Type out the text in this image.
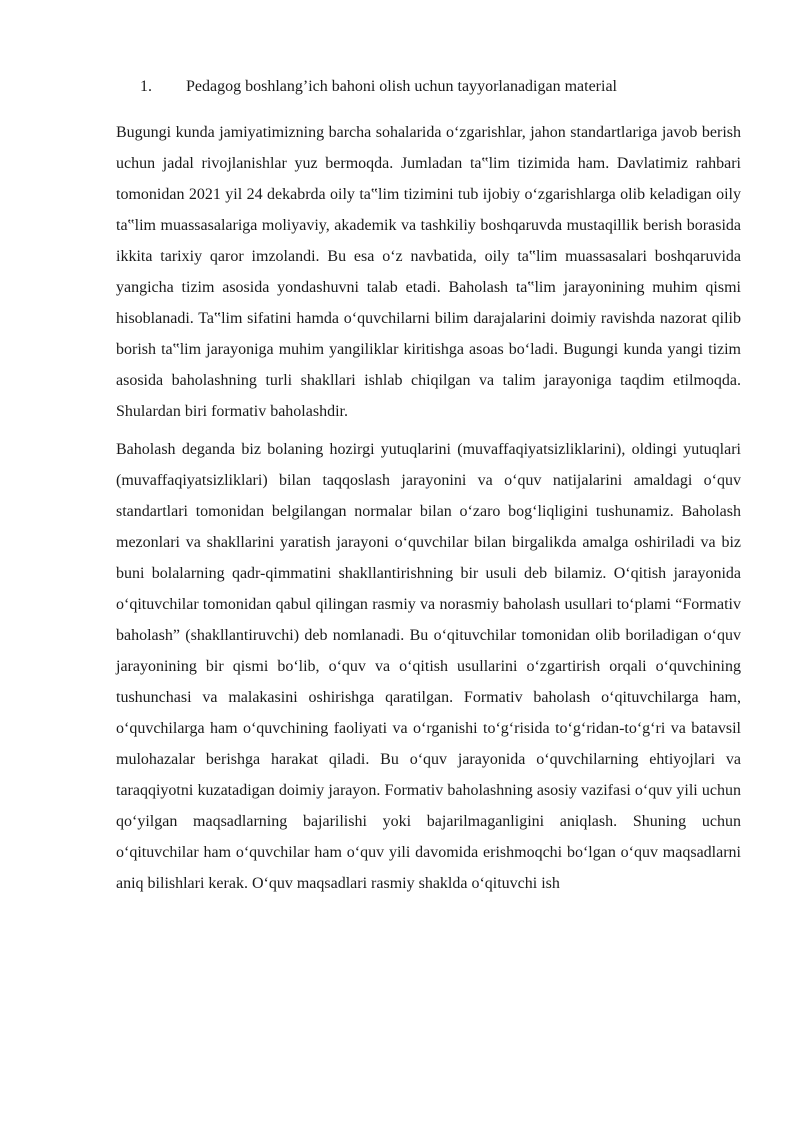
1. Pedagog boshlang’ich bahoni olish uchun tayyorlanadigan material

Bugungi kunda jamiyatimizning barcha sohalarida o‘zgarishlar, jahon standartlariga javob berish uchun jadal rivojlanishlar yuz bermoqda. Jumladan ta‟lim tizimida ham. Davlatimiz rahbari tomonidan 2021 yil 24 dekabrda oily ta‟lim tizimini tub ijobiy o‘zgarishlarga olib keladigan oily ta‟lim muassasalariga moliyaviy, akademik va tashkiliy boshqaruvda mustaqillik berish borasida ikkita tarixiy qaror imzolandi. Bu esa o‘z navbatida, oily ta‟lim muassasalari boshqaruvida yangicha tizim asosida yondashuvni talab etadi. Baholash ta‟lim jarayonining muhim qismi hisoblanadi. Ta‟lim sifatini hamda o‘quvchilarni bilim darajalarini doimiy ravishda nazorat qilib borish ta‟lim jarayoniga muhim yangiliklar kiritishga asoas bo‘ladi. Bugungi kunda yangi tizim asosida baholashning turli shakllari ishlab chiqilgan va talim jarayoniga taqdim etilmoqda. Shulardan biri formativ baholashdir.

Baholash deganda biz bolaning hozirgi yutuqlarini (muvaffaqiyatsizliklarini), oldingi yutuqlari (muvaffaqiyatsizliklari) bilan taqqoslash jarayonini va o‘quv natijalarini amaldagi o‘quv standartlari tomonidan belgilangan normalar bilan o‘zaro bog‘liqligini tushunamiz. Baholash mezonlari va shakllarini yaratish jarayoni o‘quvchilar bilan birgalikda amalga oshiriladi va biz buni bolalarning qadr-qimmatini shakllantirishning bir usuli deb bilamiz. O‘qitish jarayonida o‘qituvchilar tomonidan qabul qilingan rasmiy va norasmiy baholash usullari to‘plami “Formativ baholash” (shakllantiruvchi) deb nomlanadi. Bu o‘qituvchilar tomonidan olib boriladigan o‘quv jarayonining bir qismi bo‘lib, o‘quv va o‘qitish usullarini o‘zgartirish orqali o‘quvchining tushunchasi va malakasini oshirishga qaratilgan. Formativ baholash o‘qituvchilarga ham, o‘quvchilarga ham o‘quvchining faoliyati va o‘rganishi to‘g‘risida to‘g‘ridan-to‘g‘ri va batavsil mulohazalar berishga harakat qiladi. Bu o‘quv jarayonida o‘quvchilarning ehtiyojlari va taraqqiyotni kuzatadigan doimiy jarayon. Formativ baholashning asosiy vazifasi o‘quv yili uchun qo‘yilgan maqsadlarning bajarilishi yoki bajarilmaganligini aniqlash. Shuning uchun o‘qituvchilar ham o‘quvchilar ham o‘quv yili davomida erishmoqchi bo‘lgan o‘quv maqsadlarni aniq bilishlari kerak. O‘quv maqsadlari rasmiy shaklda o‘qituvchi ish
